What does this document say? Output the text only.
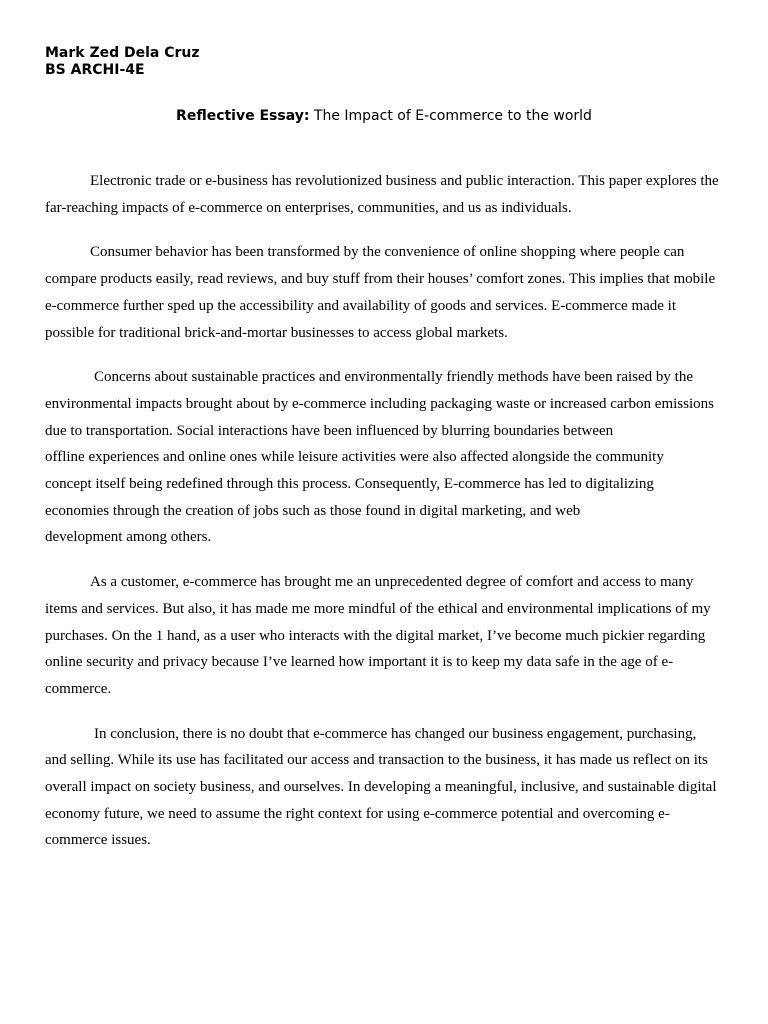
Mark Zed Dela Cruz
BS ARCHI-4E
Reflective Essay: The Impact of E-commerce to the world
Electronic trade or e-business has revolutionized business and public interaction. This paper explores the
far-reaching impacts of e-commerce on enterprises, communities, and us as individuals.
Consumer behavior has been transformed by the convenience of online shopping where people can
compare products easily, read reviews, and buy stuff from their houses’ comfort zones. This implies that mobile
e-commerce further sped up the accessibility and availability of goods and services. E-commerce made it
possible for traditional brick-and-mortar businesses to access global markets.
Concerns about sustainable practices and environmentally friendly methods have been raised by the
environmental impacts brought about by e-commerce including packaging waste or increased carbon emissions
due to transportation. Social interactions have been influenced by blurring boundaries between
offline experiences and online ones while leisure activities were also affected alongside the community
concept itself being redefined through this process. Consequently, E-commerce has led to digitalizing
economies through the creation of jobs such as those found in digital marketing, and web
development among others.
As a customer, e-commerce has brought me an unprecedented degree of comfort and access to many
items and services. But also, it has made me more mindful of the ethical and environmental implications of my
purchases. On the 1 hand, as a user who interacts with the digital market, I’ve become much pickier regarding
online security and privacy because I’ve learned how important it is to keep my data safe in the age of e-
commerce.
In conclusion, there is no doubt that e-commerce has changed our business engagement, purchasing,
and selling. While its use has facilitated our access and transaction to the business, it has made us reflect on its
overall impact on society business, and ourselves. In developing a meaningful, inclusive, and sustainable digital
economy future, we need to assume the right context for using e-commerce potential and overcoming e-
commerce issues.
